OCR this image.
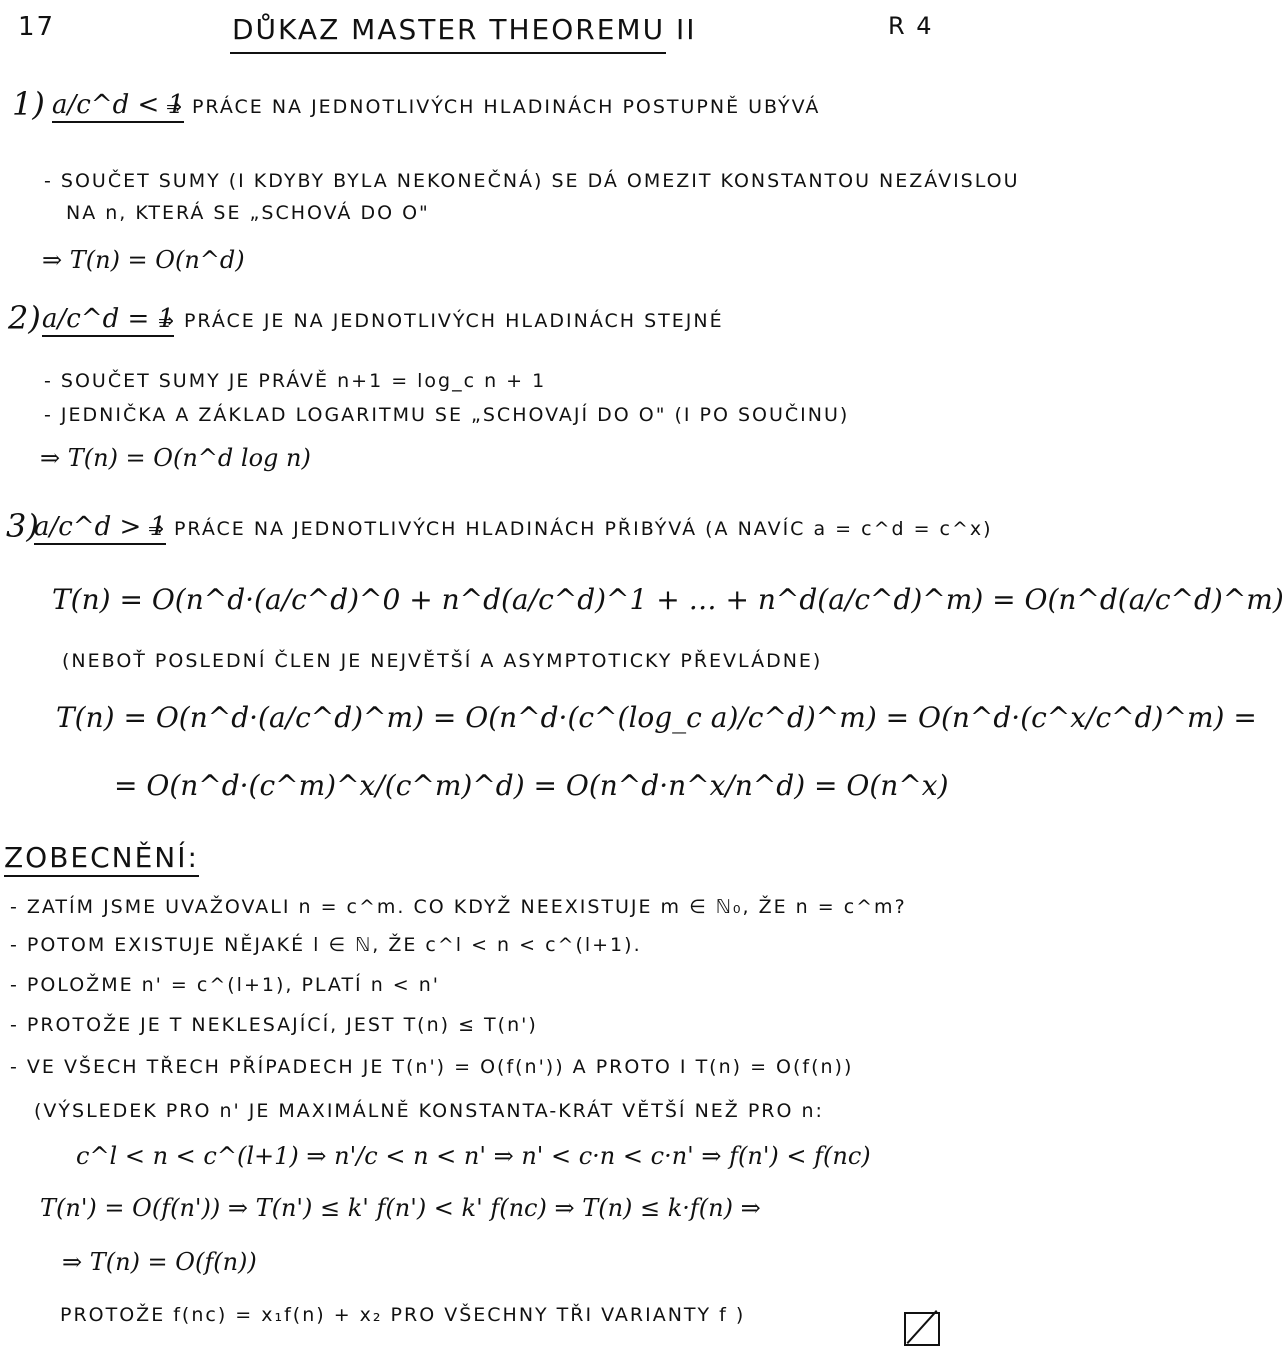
17	DŮKAZ MASTER THEOREMU II	R 4
1) a/c^d < 1
⇒ PRÁCE NA JEDNOTLIVÝCH HLADINÁCH POSTUPNĚ UBÝVÁ
- SOUČET SUMY (I KDYBY BYLA NEKONEČNÁ) SE DÁ OMEZIT KONSTANTOU NEZÁVISLOU
NA n, KTERÁ SE „SCHOVÁ DO O"
⇒ T(n) = O(n^d)
2) a/c^d = 1
⇒ PRÁCE JE NA JEDNOTLIVÝCH HLADINÁCH STEJNÉ
- SOUČET SUMY JE PRÁVĚ n+1 = log_c n + 1
- JEDNIČKA A ZÁKLAD LOGARITMU SE „SCHOVAJÍ DO O" (I PO SOUČINU)
⇒ T(n) = O(n^d log n)
3)
a/c^d > 1
⇒ PRÁCE NA JEDNOTLIVÝCH HLADINÁCH PŘIBÝVÁ (A NAVÍC a = c^d = c^x)
T(n) = O(n^d·(a/c^d)^0 + n^d(a/c^d)^1 + … + n^d(a/c^d)^m) = O(n^d(a/c^d)^m)
(NEBOŤ POSLEDNÍ ČLEN JE NEJVĚTŠÍ A ASYMPTOTICKY PŘEVLÁDNE)
T(n) = O(n^d·(a/c^d)^m) = O(n^d·(c^(log_c a)/c^d)^m) = O(n^d·(c^x/c^d)^m) =
= O(n^d·(c^m)^x/(c^m)^d) = O(n^d·n^x/n^d) = O(n^x)
ZOBECNĚNÍ:
- ZATÍM JSME UVAŽOVALI n = c^m. CO KDYŽ NEEXISTUJE m ∈ ℕ₀, ŽE n = c^m?
- POTOM EXISTUJE NĚJAKÉ l ∈ ℕ, ŽE c^l < n < c^(l+1).
- POLOŽME n' = c^(l+1), PLATÍ n < n'
- PROTOŽE JE T NEKLESAJÍCÍ, JEST T(n) ≤ T(n')
- VE VŠECH TŘECH PŘÍPADECH JE T(n') = O(f(n')) A PROTO I T(n) = O(f(n))
(VÝSLEDEK PRO n' JE MAXIMÁLNĚ KONSTANTA-KRÁT VĚTŠÍ NEŽ PRO n:
c^l < n < c^(l+1) ⇒ n'/c < n < n' ⇒ n' < c·n < c·n' ⇒ f(n') < f(nc)
T(n') = O(f(n')) ⇒ T(n') ≤ k' f(n') < k' f(nc) ⇒ T(n) ≤ k·f(n) ⇒
⇒ T(n) = O(f(n))
PROTOŽE f(nc) = x₁f(n) + x₂ PRO VŠECHNY TŘI VARIANTY f )
